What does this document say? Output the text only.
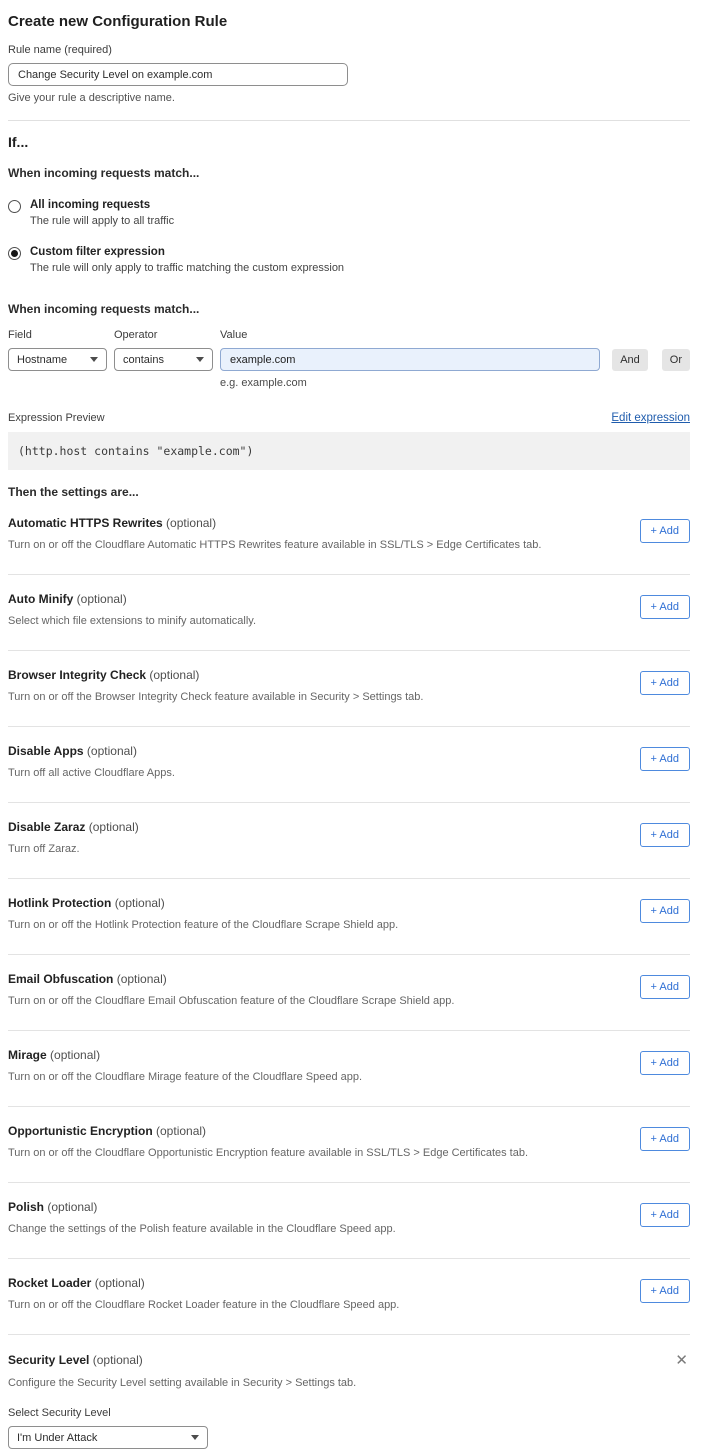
Create new Configuration Rule
Rule name (required)
Change Security Level on example.com
Give your rule a descriptive name.
If...
When incoming requests match...
All incoming requests
The rule will apply to all traffic
Custom filter expression
The rule will only apply to traffic matching the custom expression
When incoming requests match...
Field
Hostname
Operator
contains
Value
example.com
e.g. example.com
And	Or
Expression Preview	Edit expression
(http.host contains "example.com")
Then the settings are...
Automatic HTTPS Rewrites (optional)
Turn on or off the Cloudflare Automatic HTTPS Rewrites feature available in SSL/TLS > Edge Certificates tab.
+ Add
Auto Minify (optional)
Select which file extensions to minify automatically.
+ Add
Browser Integrity Check (optional)
Turn on or off the Browser Integrity Check feature available in Security > Settings tab.
+ Add
Disable Apps (optional)
Turn off all active Cloudflare Apps.
+ Add
Disable Zaraz (optional)
Turn off Zaraz.
+ Add
Hotlink Protection (optional)
Turn on or off the Hotlink Protection feature of the Cloudflare Scrape Shield app.
+ Add
Email Obfuscation (optional)
Turn on or off the Cloudflare Email Obfuscation feature of the Cloudflare Scrape Shield app.
+ Add
Mirage (optional)
Turn on or off the Cloudflare Mirage feature of the Cloudflare Speed app.
+ Add
Opportunistic Encryption (optional)
Turn on or off the Cloudflare Opportunistic Encryption feature available in SSL/TLS > Edge Certificates tab.
+ Add
Polish (optional)
Change the settings of the Polish feature available in the Cloudflare Speed app.
+ Add
Rocket Loader (optional)
Turn on or off the Cloudflare Rocket Loader feature in the Cloudflare Speed app.
+ Add
Security Level (optional)	✕
Configure the Security Level setting available in Security > Settings tab.
Select Security Level
I'm Under Attack
